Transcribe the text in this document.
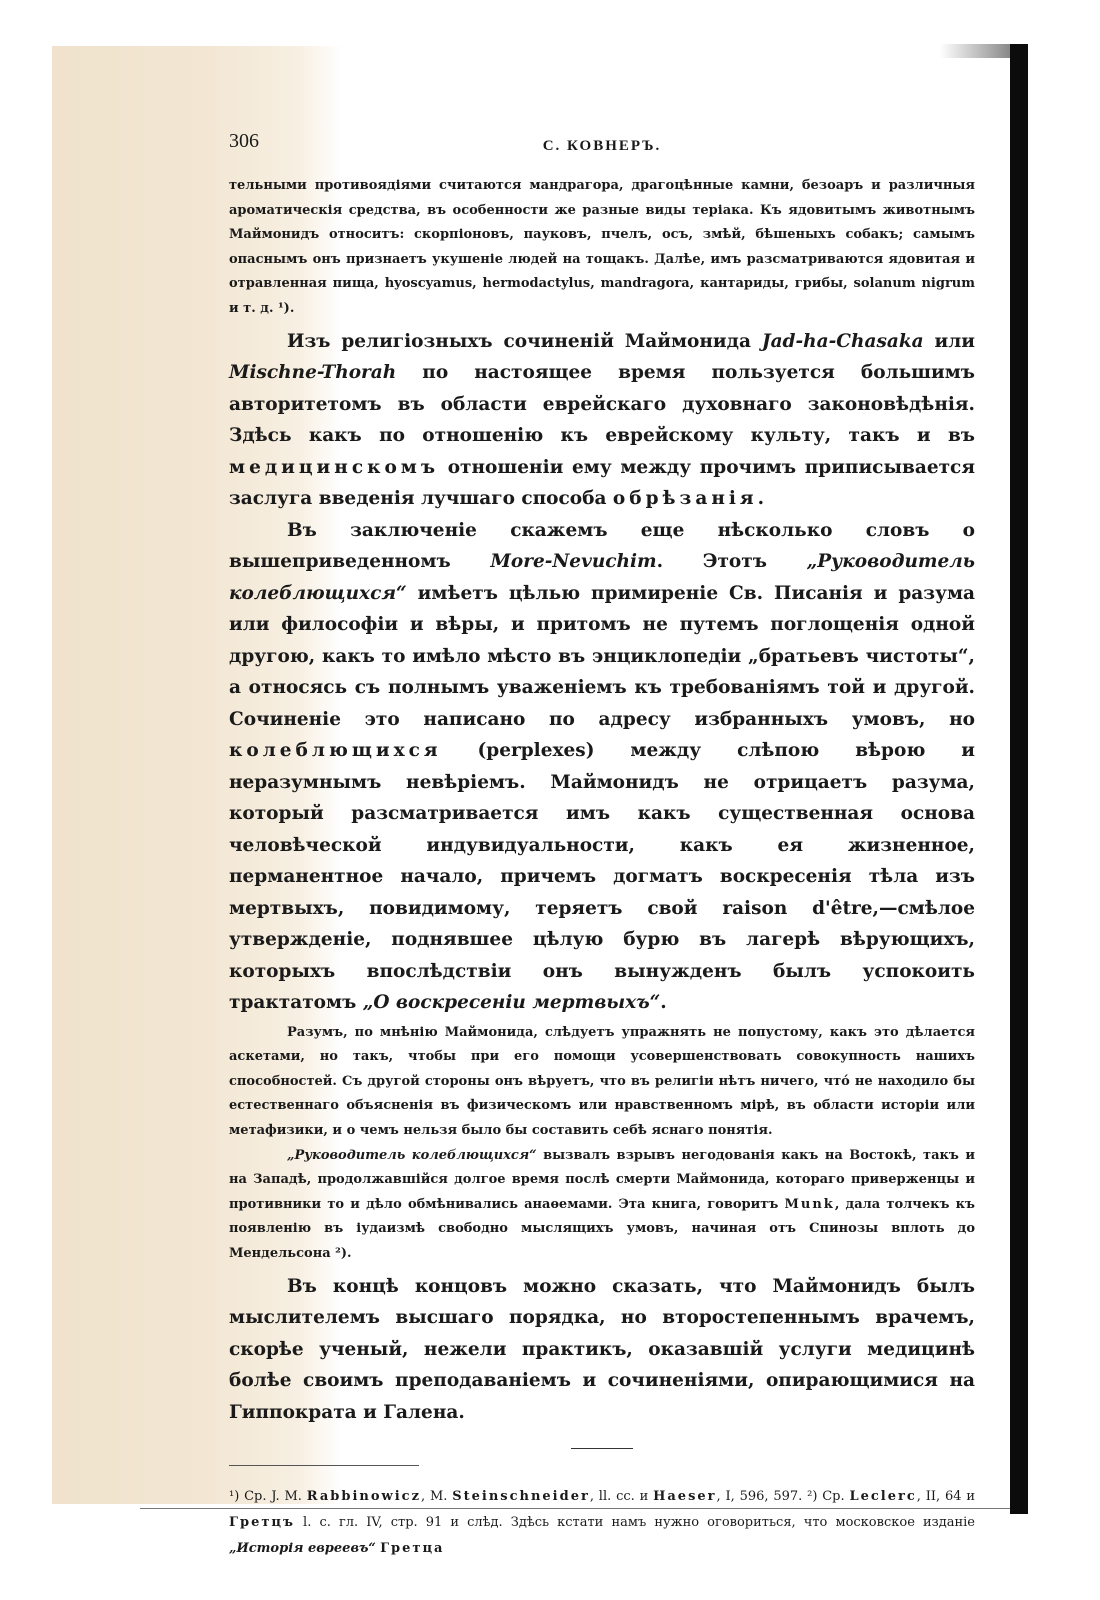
306	С. КОВНЕРЪ.

тельными противоядіями считаются мандрагора, драгоцѣнные камни, безоаръ и различныя ароматическія средства, въ особенности же разные виды теріака. Къ ядовитымъ животнымъ Маймонидъ относитъ: скорпіоновъ, пауковъ, пчелъ, осъ, змѣй, бѣшеныхъ собакъ; самымъ опаснымъ онъ признаетъ укушеніе людей на тощакъ. Далѣе, имъ разсматриваются ядовитая и отравленная пища, hyoscyamus, hermodactylus, mandragora, кантариды, грибы, solanum nigrum и т. д. ¹).

Изъ религіозныхъ сочиненій Маймонида Jad-ha-Chasaka или Mischne-Thorah по настоящее время пользуется большимъ авторитетомъ въ области еврейскаго духовнаго законовѣдѣнія. Здѣсь какъ по отношенію къ еврейскому культу, такъ и въ медицинскомъ отношеніи ему между прочимъ приписывается заслуга введенія лучшаго способа обрѣзанія.

Въ заключеніе скажемъ еще нѣсколько словъ о вышеприведенномъ More-Nevuchim. Этотъ „Руководитель колеблющихся“ имѣетъ цѣлью примиреніе Св. Писанія и разума или философіи и вѣры, и притомъ не путемъ поглощенія одной другою, какъ то имѣло мѣсто въ энциклопедіи „братьевъ чистоты“, а относясь съ полнымъ уваженіемъ къ требованіямъ той и другой. Сочиненіе это написано по адресу избранныхъ умовъ, но колеблющихся (perplexes) между слѣпою вѣрою и неразумнымъ невѣріемъ. Маймонидъ не отрицаетъ разума, который разсматривается имъ какъ существенная основа человѣческой индувидуальности, какъ ея жизненное, перманентное начало, причемъ догматъ воскресенія тѣла изъ мертвыхъ, повидимому, теряетъ свой raison d'être,—смѣлое утвержденіе, поднявшее цѣлую бурю въ лагерѣ вѣрующихъ, которыхъ впослѣдствіи онъ вынужденъ былъ успокоить трактатомъ „О воскресеніи мертвыхъ“.

Разумъ, по мнѣнію Маймонида, слѣдуетъ упражнять не попустому, какъ это дѣлается аскетами, но такъ, чтобы при его помощи усовершенствовать совокупность нашихъ способностей. Съ другой стороны онъ вѣруетъ, что въ религіи нѣтъ ничего, что́ не находило бы естественнаго объясненія въ физическомъ или нравственномъ мірѣ, въ области исторіи или метафизики, и о чемъ нельзя было бы составить себѣ яснаго понятія.

„Руководитель колеблющихся“ вызвалъ взрывъ негодованія какъ на Востокѣ, такъ и на Западѣ, продолжавшійся долгое время послѣ смерти Маймонида, котораго приверженцы и противники то и дѣло обмѣнивались анаѳемами. Эта книга, говоритъ Munk, дала толчекъ къ появленію въ іудаизмѣ свободно мыслящихъ умовъ, начиная отъ Спинозы вплоть до Мендельсона ²).

Въ концѣ концовъ можно сказать, что Маймонидъ былъ мыслителемъ высшаго порядка, но второстепеннымъ врачемъ, скорѣе ученый, нежели практикъ, оказавшій услуги медицинѣ болѣе своимъ преподаваніемъ и сочиненіями, опирающимися на Гиппократа и Галена.

¹) Ср. J. M. Rabbinowicz, M. Steinschneider, ll. cc. и Haeser, I, 596, 597. ²) Ср. Leclerc, II, 64 и Гретцъ l. c. гл. IV, стр. 91 и слѣд. Здѣсь кстати намъ нужно оговориться, что московское изданіе „Исторія евреевъ“ Гретца
